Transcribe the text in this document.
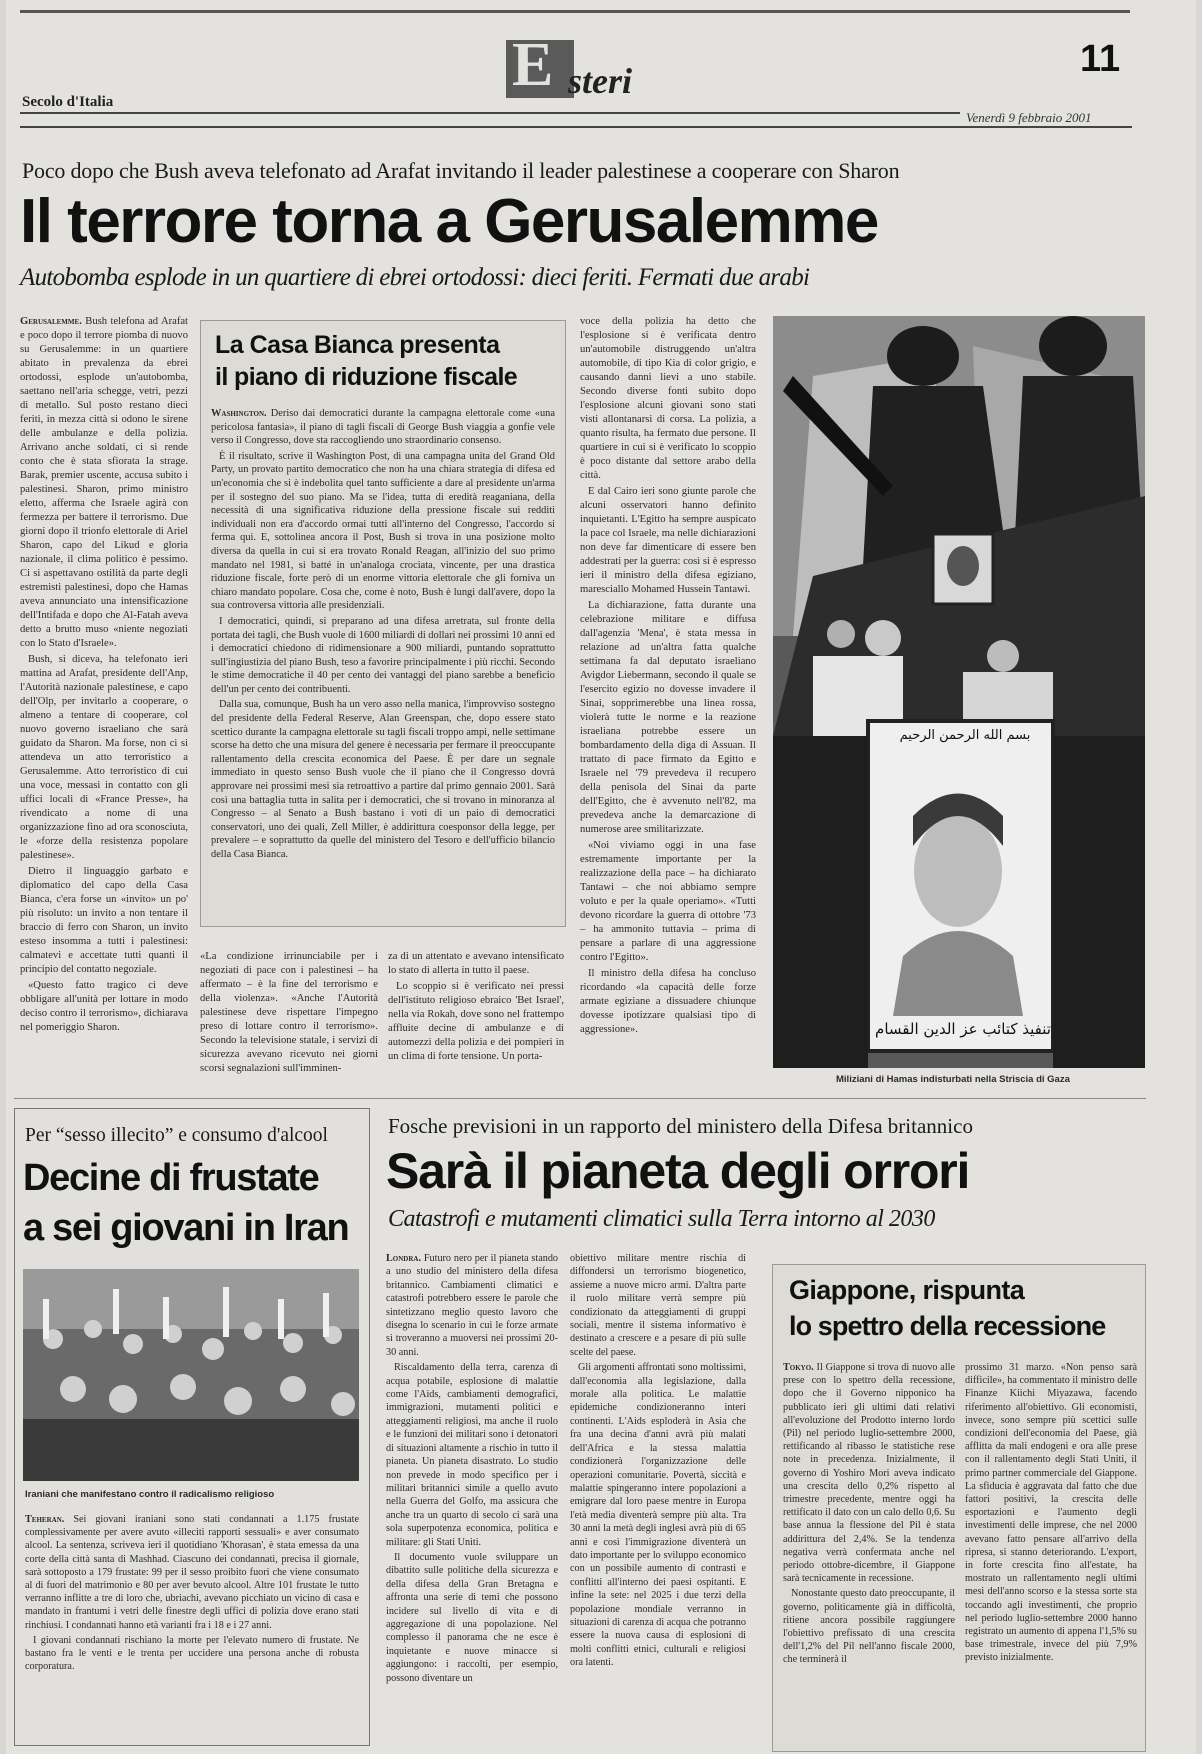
E steri
11
Secolo d'Italia
Venerdì 9 febbraio 2001
Poco dopo che Bush aveva telefonato ad Arafat invitando il leader palestinese a cooperare con Sharon
Il terrore torna a Gerusalemme
Autobomba esplode in un quartiere di ebrei ortodossi: dieci feriti. Fermati due arabi

Gerusalemme. Bush telefona ad Arafat e poco dopo il terrore piomba di nuovo su Gerusalemme: in un quartiere abitato in prevalenza da ebrei ortodossi, esplode un'autobomba, saettano nell'aria schegge, vetri, pezzi di metallo. Sul posto restano dieci feriti, in mezza città si odono le sirene delle ambulanze e della polizia. Arrivano anche soldati, ci si rende conto che è stata sfiorata la strage. Barak, premier uscente, accusa subito i palestinesi. Sharon, primo ministro eletto, afferma che Israele agirà con fermezza per battere il terrorismo. Due giorni dopo il trionfo elettorale di Ariel Sharon, capo del Likud e gloria nazionale, il clima politico è pessimo. Ci si aspettavano ostilità da parte degli estremisti palestinesi, dopo che Hamas aveva annunciato una intensificazione dell'Intifada e dopo che Al-Fatah aveva detto a brutto muso «niente negoziati con lo Stato d'Israele».

Bush, si diceva, ha telefonato ieri mattina ad Arafat, presidente dell'Anp, l'Autorità nazionale palestinese, e capo dell'Olp, per invitarlo a cooperare, o almeno a tentare di cooperare, col nuovo governo israeliano che sarà guidato da Sharon. Ma forse, non ci si attendeva un atto terroristico a Gerusalemme. Atto terroristico di cui una voce, messasi in contatto con gli uffici locali di «France Presse», ha rivendicato a nome di una organizzazione fino ad ora sconosciuta, le «forze della resistenza popolare palestinese».

Dietro il linguaggio garbato e diplomatico del capo della Casa Bianca, c'era forse un «invito» un po' più risoluto: un invito a non tentare il braccio di ferro con Sharon, un invito esteso insomma a tutti i palestinesi: calmatevi e accettate tutti quanti il principio del contatto negoziale.

«Questo fatto tragico ci deve obbligare all'unità per lottare in modo deciso contro il terrorismo», dichiarava nel pomeriggio Sharon.

La Casa Bianca presenta
il piano di riduzione fiscale

Washington. Deriso dai democratici durante la campagna elettorale come «una pericolosa fantasia», il piano di tagli fiscali di George Bush viaggia a gonfie vele verso il Congresso, dove sta raccogliendo uno straordinario consenso.

È il risultato, scrive il Washington Post, di una campagna unita del Grand Old Party, un provato partito democratico che non ha una chiara strategia di difesa ed un'economia che si è indebolita quel tanto sufficiente a dare al presidente un'arma per il sostegno del suo piano. Ma se l'idea, tutta di eredità reaganiana, della necessità di una significativa riduzione della pressione fiscale sui redditi individuali non era d'accordo ormai tutti all'interno del Congresso, l'accordo si ferma qui. E, sottolinea ancora il Post, Bush si trova in una posizione molto diversa da quella in cui si era trovato Ronald Reagan, all'inizio del suo primo mandato nel 1981, si batté in un'analoga crociata, vincente, per una drastica riduzione fiscale, forte però di un enorme vittoria elettorale che gli forniva un chiaro mandato popolare. Cosa che, come è noto, Bush è lungi dall'avere, dopo la sua controversa vittoria alle presidenziali.

I democratici, quindi, si preparano ad una difesa arretrata, sul fronte della portata dei tagli, che Bush vuole di 1600 miliardi di dollari nei prossimi 10 anni ed i democratici chiedono di ridimensionare a 900 miliardi, puntando soprattutto sull'ingiustizia del piano Bush, teso a favorire principalmente i più ricchi. Secondo le stime democratiche il 40 per cento dei vantaggi del piano sarebbe a beneficio dell'un per cento dei contribuenti.

Dalla sua, comunque, Bush ha un vero asso nella manica, l'improvviso sostegno del presidente della Federal Reserve, Alan Greenspan, che, dopo essere stato scettico durante la campagna elettorale su tagli fiscali troppo ampi, nelle settimane scorse ha detto che una misura del genere è necessaria per fermare il preoccupante rallentamento della crescita economica del Paese. È per dare un segnale immediato in questo senso Bush vuole che il piano che il Congresso dovrà approvare nei prossimi mesi sia retroattivo a partire dal primo gennaio 2001. Sarà così una battaglia tutta in salita per i democratici, che si trovano in minoranza al Congresso – al Senato a Bush bastano i voti di un paio di democratici conservatori, uno dei quali, Zell Miller, è addirittura coesponsor della legge, per prevalere – e soprattutto da quelle del ministero del Tesoro e dell'ufficio bilancio della Casa Bianca.

«La condizione irrinunciabile per i negoziati di pace con i palestinesi – ha affermato – è la fine del terrorismo e della violenza». «Anche l'Autorità palestinese deve rispettare l'impegno preso di lottare contro il terrorismo». Secondo la televisione statale, i servizi di sicurezza avevano ricevuto nei giorni scorsi segnalazioni sull'imminen-

za di un attentato e avevano intensificato lo stato di allerta in tutto il paese.

Lo scoppio si è verificato nei pressi dell'istituto religioso ebraico 'Bet Israel', nella via Rokah, dove sono nel frattempo affluite decine di ambulanze e di automezzi della polizia e dei pompieri in un clima di forte tensione. Un porta-

voce della polizia ha detto che l'esplosione si è verificata dentro un'automobile distruggendo un'altra automobile, di tipo Kia di color grigio, e causando danni lievi a uno stabile. Secondo diverse fonti subito dopo l'esplosione alcuni giovani sono stati visti allontanarsi di corsa. La polizia, a quanto risulta, ha fermato due persone. Il quartiere in cui si è verificato lo scoppio è poco distante dal settore arabo della città.

E dal Cairo ieri sono giunte parole che alcuni osservatori hanno definito inquietanti. L'Egitto ha sempre auspicato la pace col Israele, ma nelle dichiarazioni non deve far dimenticare di essere ben addestrati per la guerra: così si è espresso ieri il ministro della difesa egiziano, maresciallo Mohamed Hussein Tantawi.

La dichiarazione, fatta durante una celebrazione militare e diffusa dall'agenzia 'Mena', è stata messa in relazione ad un'altra fatta qualche settimana fa dal deputato israeliano Avigdor Liebermann, secondo il quale se l'esercito egizio no dovesse invadere il Sinai, sopprimerebbe una linea rossa, violerà tutte le norme e la reazione israeliana potrebbe essere un bombardamento della diga di Assuan. Il trattato di pace firmato da Egitto e Israele nel '79 prevedeva il recupero della penisola del Sinai da parte dell'Egitto, che è avvenuto nell'82, ma prevedeva anche la demarcazione di numerose aree smilitarizzate.

«Noi viviamo oggi in una fase estremamente importante per la realizzazione della pace – ha dichiarato Tantawi – che noi abbiamo sempre voluto e per la quale operiamo». «Tutti devono ricordare la guerra di ottobre '73 – ha ammonito tuttavia – prima di pensare a parlare di una aggressione contro l'Egitto».

Il ministro della difesa ha concluso ricordando «la capacità delle forze armate egiziane a dissuadere chiunque dovesse ipotizzare qualsiasi tipo di aggressione».

بسم الله الرحمن الرحيم
تنفيذ كتائب عز الدين القسام
Miliziani di Hamas indisturbati nella Striscia di Gaza
Per “sesso illecito” e consumo d'alcool
Decine di frustate
a sei giovani in Iran
Iraniani che manifestano contro il radicalismo religioso

Teheran. Sei giovani iraniani sono stati condannati a 1.175 frustate complessivamente per avere avuto «illeciti rapporti sessuali» e aver consumato alcool. La sentenza, scriveva ieri il quotidiano 'Khorasan', è stata emessa da una corte della città santa di Mashhad. Ciascuno dei condannati, precisa il giornale, sarà sottoposto a 179 frustate: 99 per il sesso proibito fuori che viene consumato al di fuori del matrimonio e 80 per aver bevuto alcool. Altre 101 frustate le tutto verranno inflitte a tre di loro che, ubriachi, avevano picchiato un vicino di casa e mandato in frantumi i vetri delle finestre degli uffici di polizia dove erano stati rinchiusi. I condannati hanno età varianti fra i 18 e i 27 anni.

I giovani condannati rischiano la morte per l'elevato numero di frustate. Ne bastano fra le venti e le trenta per uccidere una persona anche di robusta corporatura.

Fosche previsioni in un rapporto del ministero della Difesa britannico
Sarà il pianeta degli orrori
Catastrofi e mutamenti climatici sulla Terra intorno al 2030

Londra. Futuro nero per il pianeta stando a uno studio del ministero della difesa britannico. Cambiamenti climatici e catastrofi potrebbero essere le parole che sintetizzano meglio questo lavoro che disegna lo scenario in cui le forze armate si troveranno a muoversi nei prossimi 20-30 anni.

Riscaldamento della terra, carenza di acqua potabile, esplosione di malattie come l'Aids, cambiamenti demografici, immigrazioni, mutamenti politici e atteggiamenti religiosi, ma anche il ruolo e le funzioni dei militari sono i detonatori di situazioni altamente a rischio in tutto il pianeta. Un pianeta disastrato. Lo studio non prevede in modo specifico per i militari britannici simile a quello avuto nella Guerra del Golfo, ma assicura che anche tra un quarto di secolo ci sarà una sola superpotenza economica, politica e militare: gli Stati Uniti.

Il documento vuole sviluppare un dibattito sulle politiche della sicurezza e della difesa della Gran Bretagna e affronta una serie di temi che possono incidere sul livello di vita e di aggregazione di una popolazione. Nel complesso il panorama che ne esce è inquietante e nuove minacce si aggiungono: i raccolti, per esempio, possono diventare un

obiettivo militare mentre rischia di diffondersi un terrorismo biogenetico, assieme a nuove micro armi. D'altra parte il ruolo militare verrà sempre più condizionato da atteggiamenti di gruppi sociali, mentre il sistema informativo è destinato a crescere e a pesare di più sulle scelte del paese.

Gli argomenti affrontati sono moltissimi, dall'economia alla legislazione, dalla morale alla politica. Le malattie epidemiche condizioneranno interi continenti. L'Aids esploderà in Asia che fra una decina d'anni avrà più malati dell'Africa e la stessa malattia condizionerà l'organizzazione delle operazioni comunitarie. Povertà, siccità e malattie spingeranno intere popolazioni a emigrare dal loro paese mentre in Europa l'età media diventerà sempre più alta. Tra 30 anni la metà degli inglesi avrà più di 65 anni e così l'immigrazione diventerà un dato importante per lo sviluppo economico con un possibile aumento di contrasti e conflitti all'interno dei paesi ospitanti. E infine la sete: nel 2025 i due terzi della popolazione mondiale verranno in situazioni di carenza di acqua che potranno essere la nuova causa di esplosioni di molti conflitti etnici, culturali e religiosi ora latenti.

Giappone, rispunta
lo spettro della recessione

Tokyo. Il Giappone si trova di nuovo alle prese con lo spettro della recessione, dopo che il Governo nipponico ha pubblicato ieri gli ultimi dati relativi all'evoluzione del Prodotto interno lordo (Pil) nel periodo luglio-settembre 2000, rettificando al ribasso le statistiche rese note in precedenza. Inizialmente, il governo di Yoshiro Mori aveva indicato una crescita dello 0,2% rispetto al trimestre precedente, mentre oggi ha rettificato il dato con un calo dello 0,6. Su base annua la flessione del Pil è stata addirittura del 2,4%. Se la tendenza negativa verrà confermata anche nel periodo ottobre-dicembre, il Giappone sarà tecnicamente in recessione.

Nonostante questo dato preoccupante, il governo, politicamente già in difficoltà, ritiene ancora possibile raggiungere l'obiettivo prefissato di una crescita dell'1,2% del Pil nell'anno fiscale 2000, che terminerà il

prossimo 31 marzo. «Non penso sarà difficile», ha commentato il ministro delle Finanze Kiichi Miyazawa, facendo riferimento all'obiettivo. Gli economisti, invece, sono sempre più scettici sulle condizioni dell'economia del Paese, già afflitta da mali endogeni e ora alle prese con il rallentamento degli Stati Uniti, il primo partner commerciale del Giappone. La sfiducia è aggravata dal fatto che due fattori positivi, la crescita delle esportazioni e l'aumento degli investimenti delle imprese, che nel 2000 avevano fatto pensare all'arrivo della ripresa, si stanno deteriorando. L'export, in forte crescita fino all'estate, ha mostrato un rallentamento negli ultimi mesi dell'anno scorso e la stessa sorte sta toccando agli investimenti, che proprio nel periodo luglio-settembre 2000 hanno registrato un aumento di appena l'1,5% su base trimestrale, invece del più 7,9% previsto inizialmente.
